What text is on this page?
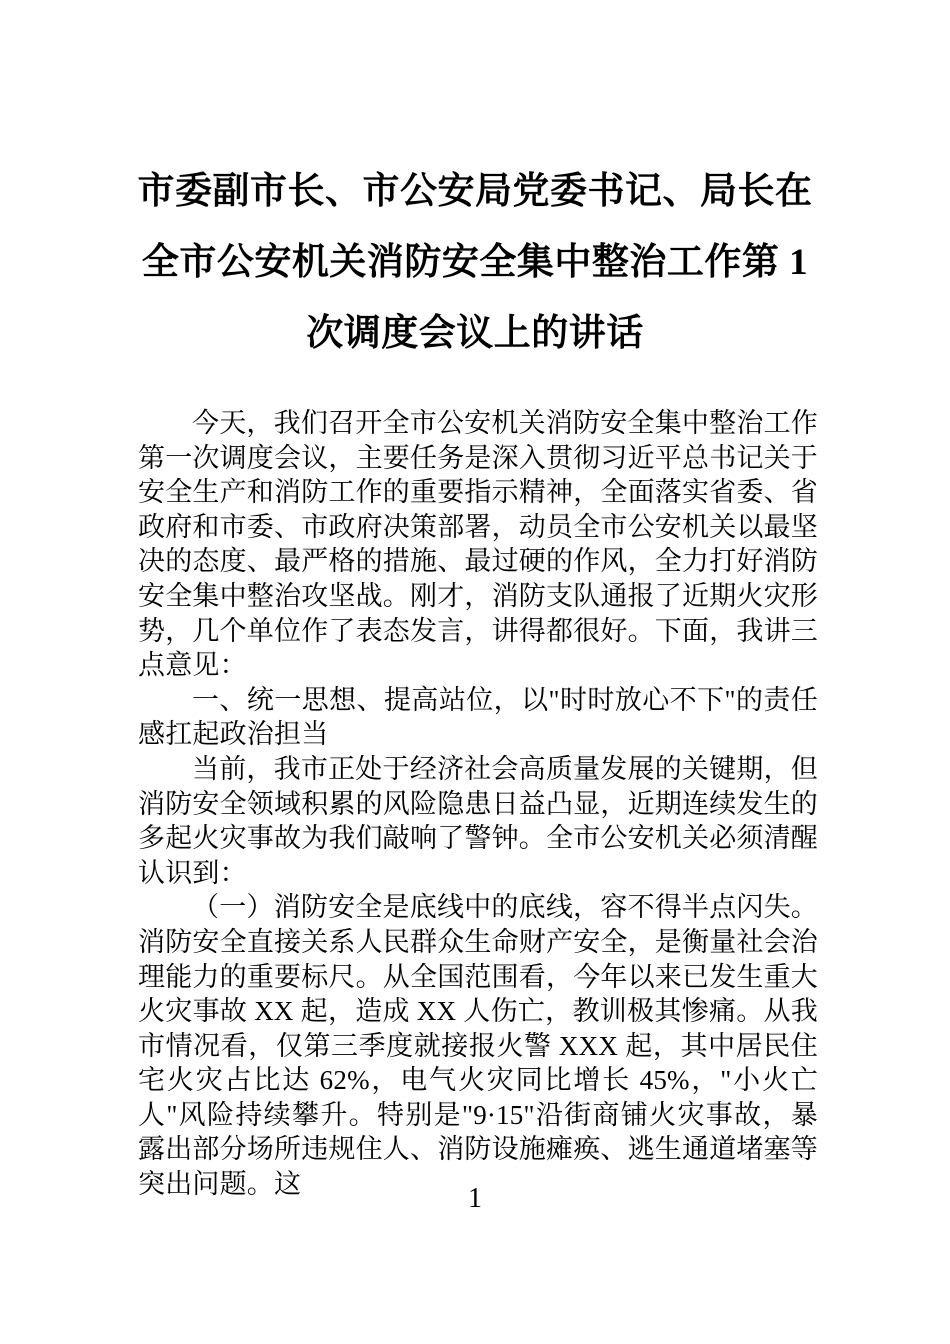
市委副市长、市公安局党委书记、局长在
全市公安机关消防安全集中整治工作第 1
次调度会议上的讲话

今天，我们召开全市公安机关消防安全集中整治工作第一次调度会议，主要任务是深入贯彻习近平总书记关于安全生产和消防工作的重要指示精神，全面落实省委、省政府和市委、市政府决策部署，动员全市公安机关以最坚决的态度、最严格的措施、最过硬的作风，全力打好消防安全集中整治攻坚战。刚才，消防支队通报了近期火灾形势，几个单位作了表态发言，讲得都很好。下面，我讲三点意见：

一、统一思想、提高站位，以"时时放心不下"的责任感扛起政治担当

当前，我市正处于经济社会高质量发展的关键期，但消防安全领域积累的风险隐患日益凸显，近期连续发生的多起火灾事故为我们敲响了警钟。全市公安机关必须清醒认识到：

（一）消防安全是底线中的底线，容不得半点闪失。消防安全直接关系人民群众生命财产安全，是衡量社会治理能力的重要标尺。从全国范围看，今年以来已发生重大火灾事故 XX 起，造成 XX 人伤亡，教训极其惨痛。从我市情况看，仅第三季度就接报火警 XXX 起，其中居民住宅火灾占比达 62%，电气火灾同比增长 45%，"小火亡人"风险持续攀升。特别是"9·15"沿街商铺火灾事故，暴露出部分场所违规住人、消防设施瘫痪、逃生通道堵塞等突出问题。这	1
